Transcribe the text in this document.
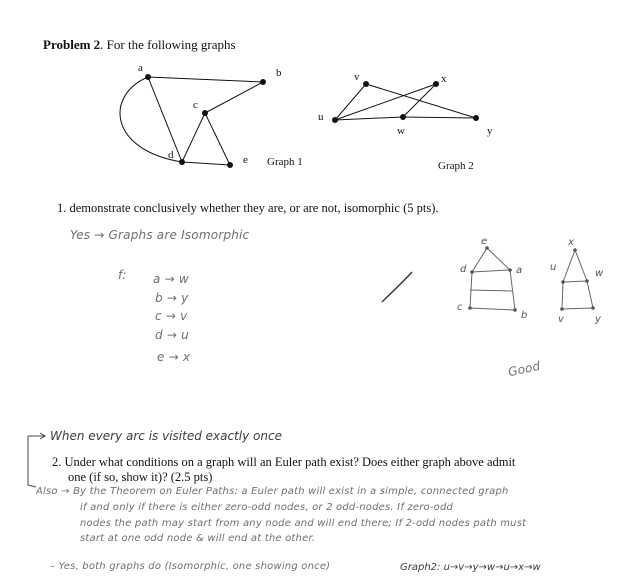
Problem 2. For the following graphs
a	b
c
d	e Graph 1
u
v	x
w	y
Graph 2
1. demonstrate conclusively whether they are, or are not, isomorphic (5 pts).
Yes → Graphs are Isomorphic
f: a → w
b → y
c → v
d → u
e → x
e
d	a
c
b
x
u
w
v	y
Good
When every arc is visited exactly once
2. Under what conditions on a graph will an Euler path exist? Does either graph above admit
one (if so, show it)? (2.5 pts)
Also → By the Theorem on Euler Paths: a Euler path will exist in a simple, connected graph
if and only if there is either zero-odd nodes, or 2 odd-nodes. If zero-odd
nodes the path may start from any node and will end there; If 2-odd nodes path must
start at one odd node & will end at the other.
– Yes, both graphs do (Isomorphic, one showing once)	Graph2: u→v→y→w→u→x→w
